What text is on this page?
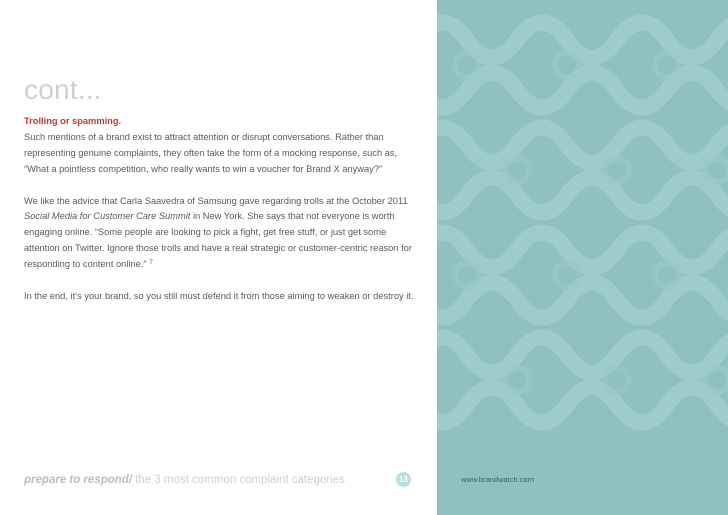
cont...

Trolling or spamming.
Such mentions of a brand exist to attract attention or disrupt conversations. Rather than representing genuine complaints, they often take the form of a mocking response, such as, “What a pointless competition, who really wants to win a voucher for Brand X anyway?”

We like the advice that Carla Saavedra of Samsung gave regarding trolls at the October 2011 Social Media for Customer Care Summit in New York. She says that not everyone is worth engaging online. “Some people are looking to pick a fight, get free stuff, or just get some attention on Twitter. Ignore those trolls and have a real strategic or customer-centric reason for responding to content online.” $^7$

In the end, it’s your brand, so you still must defend it from those aiming to weaken or destroy it.

prepare to respond/ the 3 most common complaint categories	13	www.brandwatch.com
